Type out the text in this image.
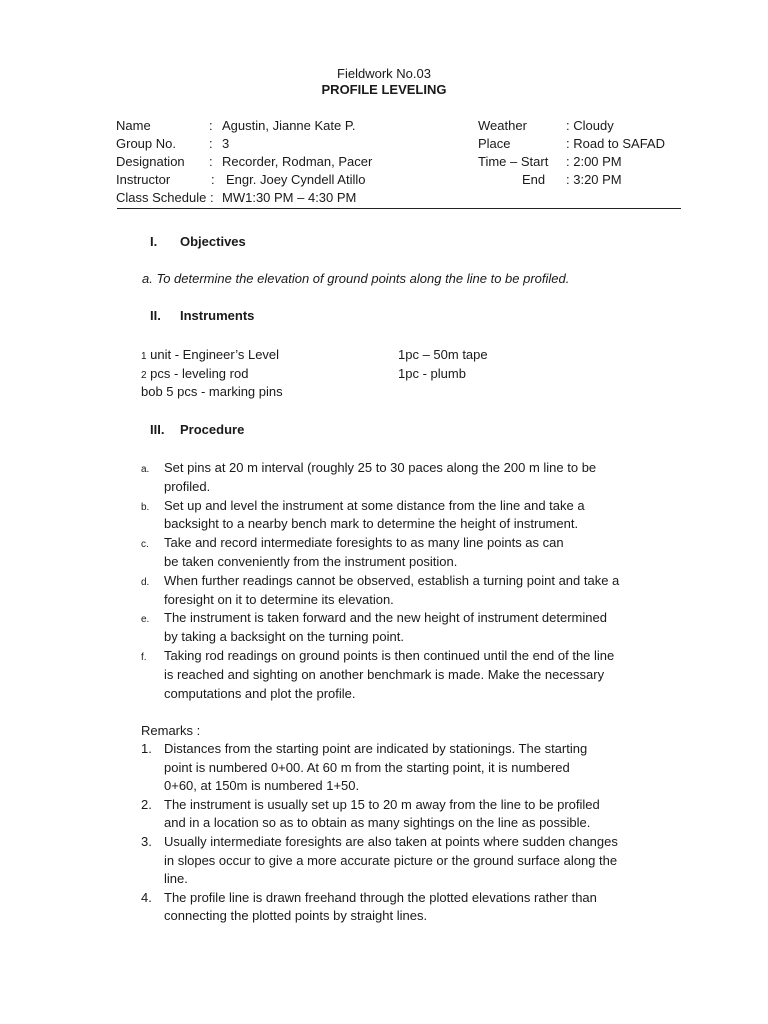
Fieldwork No.03
PROFILE LEVELING
Name	: Agustin, Jianne Kate P.
Group No.	: 3
Designation : Recorder, Rodman, Pacer
Instructor	: Engr. Joey Cyndell Atillo
Class Schedule : MW1:30 PM – 4:30 PM
Weather	: Cloudy
Place	: Road to SAFAD
Time – Start : 2:00 PM
End : 3:20 PM
I. Objectives
a. To determine the elevation of ground points along the line to be profiled.
II. Instruments
1 unit - Engineer’s Level
2 pcs - leveling rod
bob 5 pcs - marking pins
1pc – 50m tape
1pc - plumb
III. Procedure
a. Set pins at 20 m interval (roughly 25 to 30 paces along the 200 m line to be
profiled.
b. Set up and level the instrument at some distance from the line and take a
backsight to a nearby bench mark to determine the height of instrument.
c. Take and record intermediate foresights to as many line points as can
be taken conveniently from the instrument position.
d. When further readings cannot be observed, establish a turning point and take a
foresight on it to determine its elevation.
e. The instrument is taken forward and the new height of instrument determined
by taking a backsight on the turning point.
f. Taking rod readings on ground points is then continued until the end of the line
is reached and sighting on another benchmark is made. Make the necessary
computations and plot the profile.
Remarks :
1. Distances from the starting point are indicated by stationings. The starting
point is numbered 0+00. At 60 m from the starting point, it is numbered
0+60, at 150m is numbered 1+50.
2. The instrument is usually set up 15 to 20 m away from the line to be profiled
and in a location so as to obtain as many sightings on the line as possible.
3. Usually intermediate foresights are also taken at points where sudden changes
in slopes occur to give a more accurate picture or the ground surface along the
line.
4. The profile line is drawn freehand through the plotted elevations rather than
connecting the plotted points by straight lines.
